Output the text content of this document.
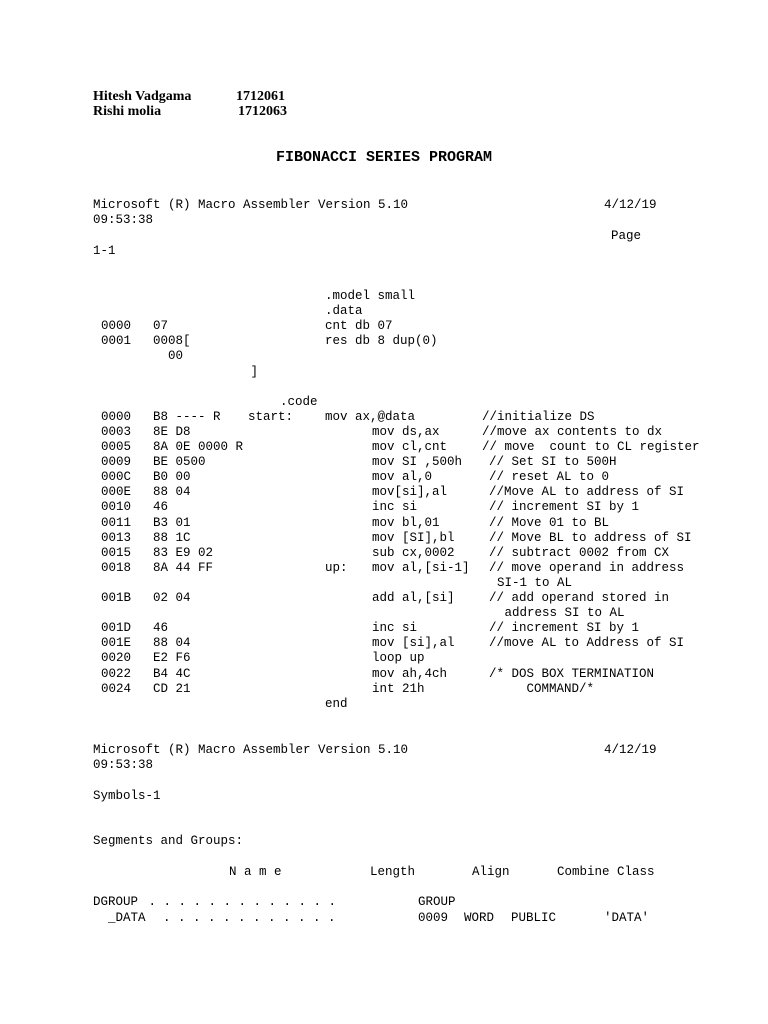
Hitesh Vadgama	1712061
Rishi molia	1712063
FIBONACCI SERIES PROGRAM
Microsoft (R) Macro Assembler Version 5.10	4/12/19
09:53:38
Page
1-1
.model small
.data
0000 07	cnt db 07
0001 0008[	res db 8 dup(0)
00
]
.code
0000 B8 ---- R start:	mov ax,@data	//initialize DS
0003 8E D8	mov ds,ax	//move ax contents to dx
0005 8A 0E 0000 R	mov cl,cnt	// move  count to CL register
0009 BE 0500	mov SI ,500h // Set SI to 500H
000C B0 00	mov al,0	// reset AL to 0
000E 88 04	mov[si],al	//Move AL to address of SI
0010 46	inc si	// increment SI by 1
0011 B3 01	mov bl,01	// Move 01 to BL
0013 88 1C	mov [SI],bl	// Move BL to address of SI
0015 83 E9 02	sub cx,0002	// subtract 0002 from CX
0018 8A 44 FF	up: mov al,[si-1] // move operand in address
SI-1 to AL
001B 02 04	add al,[si]	// add operand stored in
address SI to AL
001D 46	inc si	// increment SI by 1
001E 88 04	mov [si],al	//move AL to Address of SI
0020 E2 F6	loop up
0022 B4 4C	mov ah,4ch	/* DOS BOX TERMINATION
0024 CD 21	int 21h	COMMAND/*
end
Microsoft (R) Macro Assembler Version 5.10	4/12/19
09:53:38
Symbols-1
Segments and Groups:
N a m e	Length	Align	Combine Class
DGROUP . . . . . . . . . . . . .	GROUP
_DATA . . . . . . . . . . . .	0009 WORD PUBLIC	'DATA'
